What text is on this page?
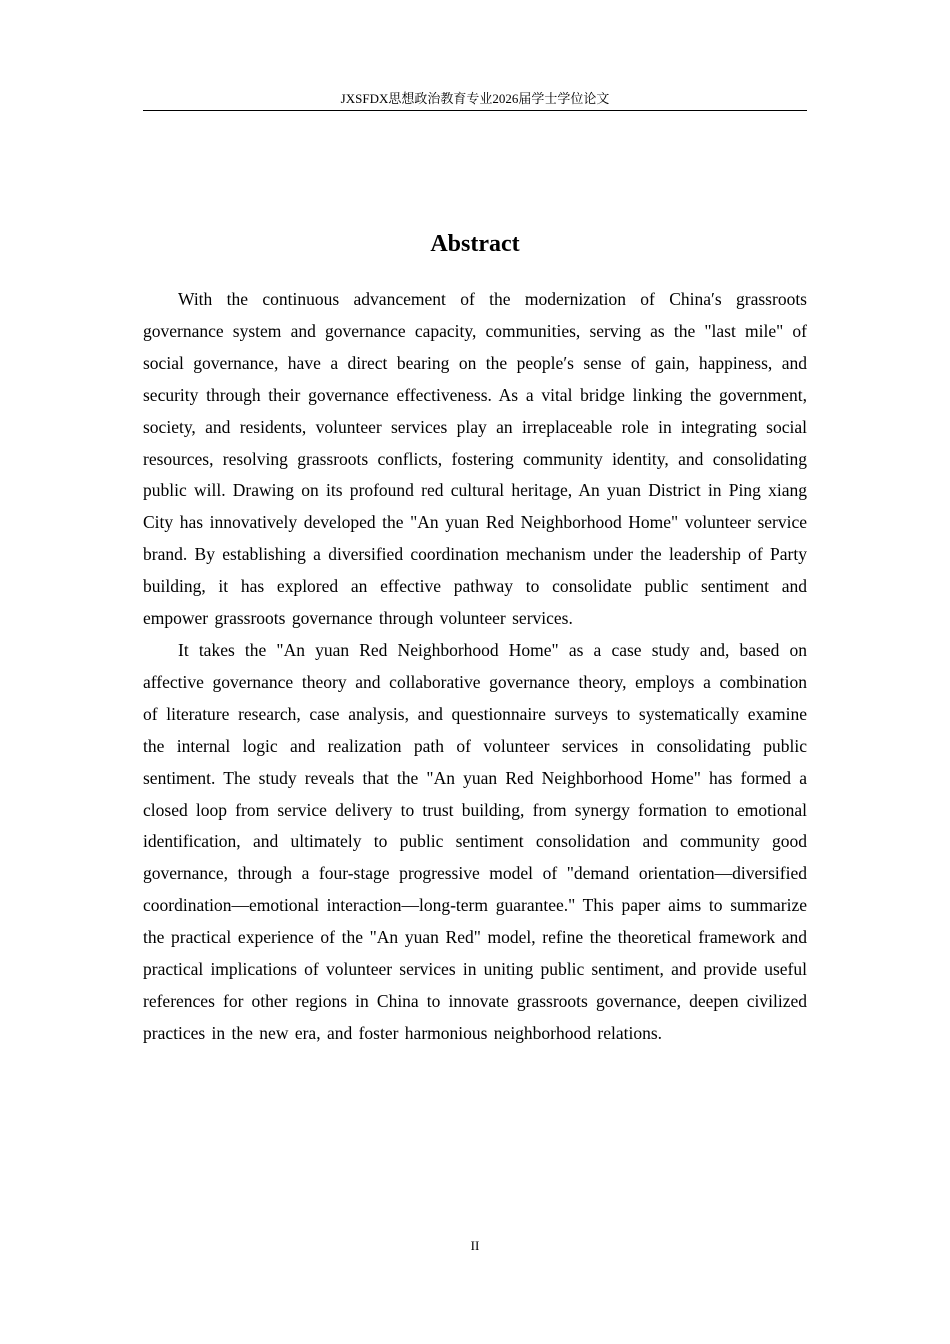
JXSFDX思想政治教育专业2026届学士学位论文
Abstract

With the continuous advancement of the modernization of China′s grassroots governance system and governance capacity, communities, serving as the "last mile" of social governance, have a direct bearing on the people′s sense of gain, happiness, and security through their governance effectiveness. As a vital bridge linking the government, society, and residents, volunteer services play an irreplaceable role in integrating social resources, resolving grassroots conflicts, fostering community identity, and consolidating public will. Drawing on its profound red cultural heritage, An yuan District in Ping xiang City has innovatively developed the "An yuan Red Neighborhood Home" volunteer service brand. By establishing a diversified coordination mechanism under the leadership of Party building, it has explored an effective pathway to consolidate public sentiment and empower grassroots governance through volunteer services.

It takes the "An yuan Red Neighborhood Home" as a case study and, based on affective governance theory and collaborative governance theory, employs a combination of literature research, case analysis, and questionnaire surveys to systematically examine the internal logic and realization path of volunteer services in consolidating public sentiment. The study reveals that the "An yuan Red Neighborhood Home" has formed a closed loop from service delivery to trust building, from synergy formation to emotional identification, and ultimately to public sentiment consolidation and community good governance, through a four-stage progressive model of "demand orientation—diversified coordination—emotional interaction—long-term guarantee." This paper aims to summarize the practical experience of the "An yuan Red" model, refine the theoretical framework and practical implications of volunteer services in uniting public sentiment, and provide useful references for other regions in China to innovate grassroots governance, deepen civilized practices in the new era, and foster harmonious neighborhood relations.

II
